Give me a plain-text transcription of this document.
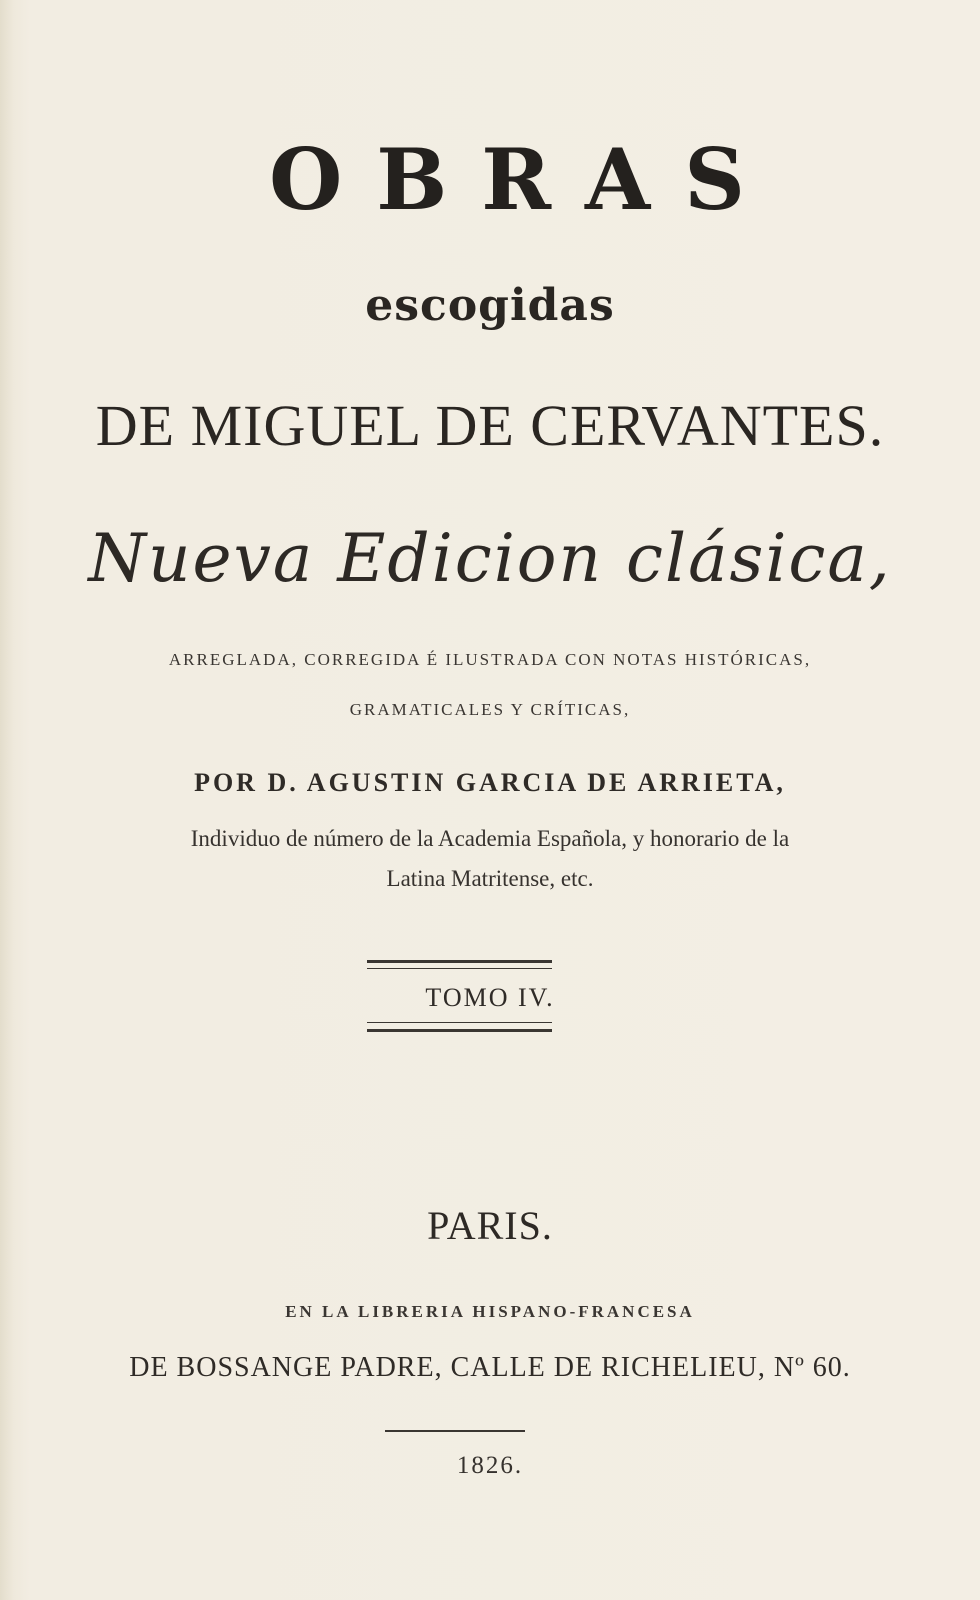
OBRAS
escogidas
DE MIGUEL DE CERVANTES.
Nueva Edicion clásica,
ARREGLADA, CORREGIDA É ILUSTRADA CON NOTAS HISTÓRICAS,
GRAMATICALES Y CRÍTICAS,
POR D. AGUSTIN GARCIA DE ARRIETA,
Individuo de número de la Academia Española, y honorario de la
Latina Matritense, etc.
TOMO IV.
PARIS.
EN LA LIBRERIA HISPANO-FRANCESA
DE BOSSANGE PADRE, CALLE DE RICHELIEU, Nº 60.
1826.
